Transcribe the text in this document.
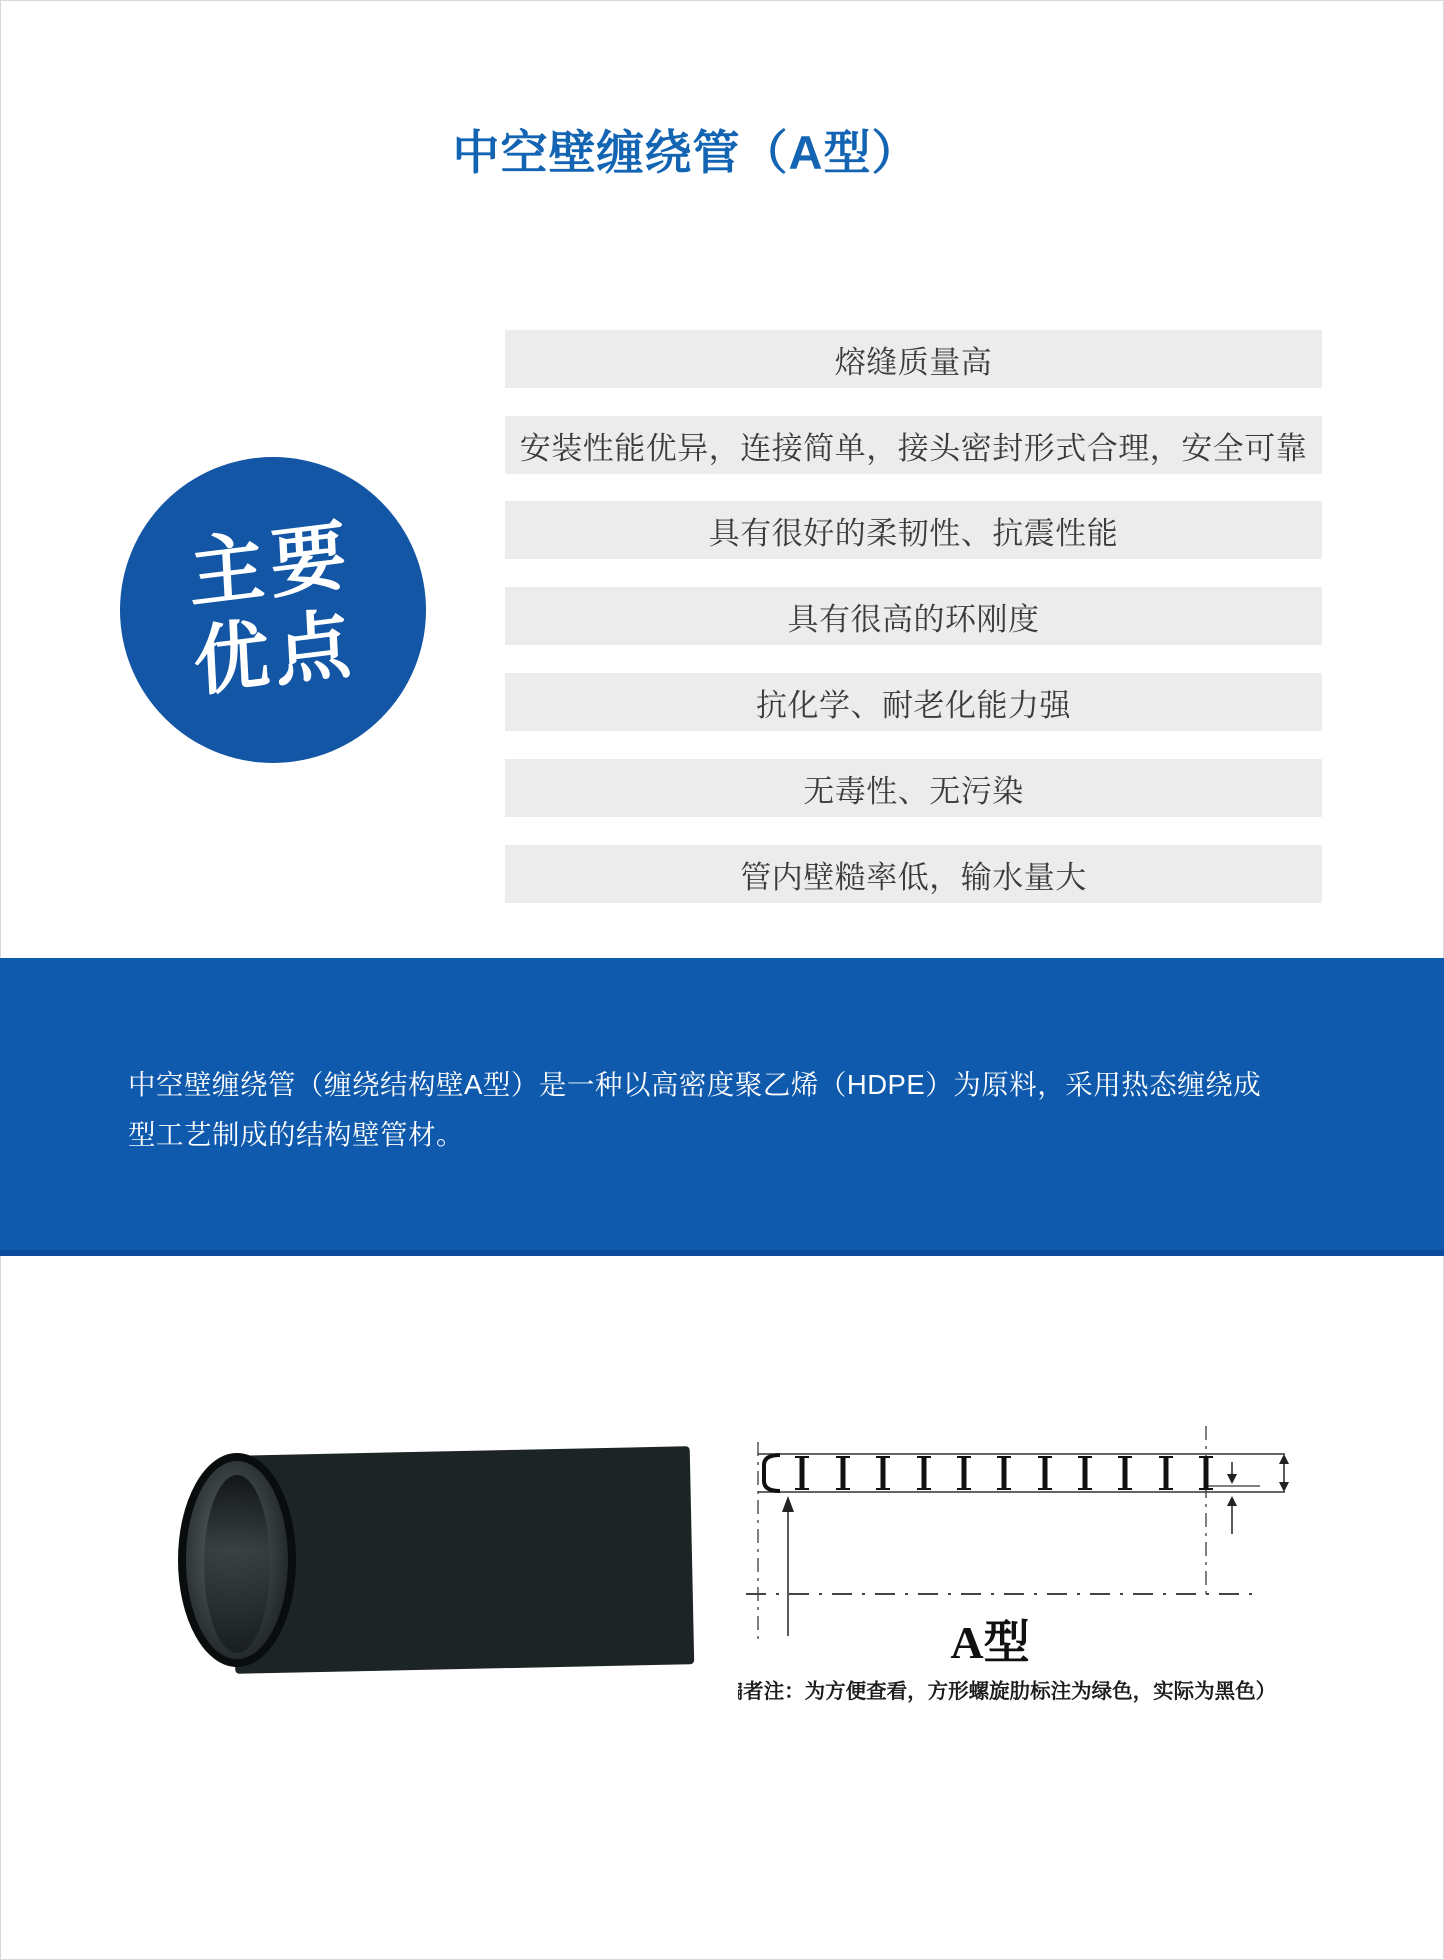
中空壁缠绕管（A型）
主要
优点
熔缝质量高
安装性能优异，连接简单，接头密封形式合理，安全可靠
具有很好的柔韧性、抗震性能
具有很高的环刚度
抗化学、耐老化能力强
无毒性、无污染
管内壁糙率低，输水量大
中空壁缠绕管（缠绕结构壁A型）是一种以高密度聚乙烯（HDPE）为原料，采用热态缠绕成
型工艺制成的结构壁管材。
A型
(编者注：为方便查看，方形螺旋肋标注为绿色，实际为黑色）
